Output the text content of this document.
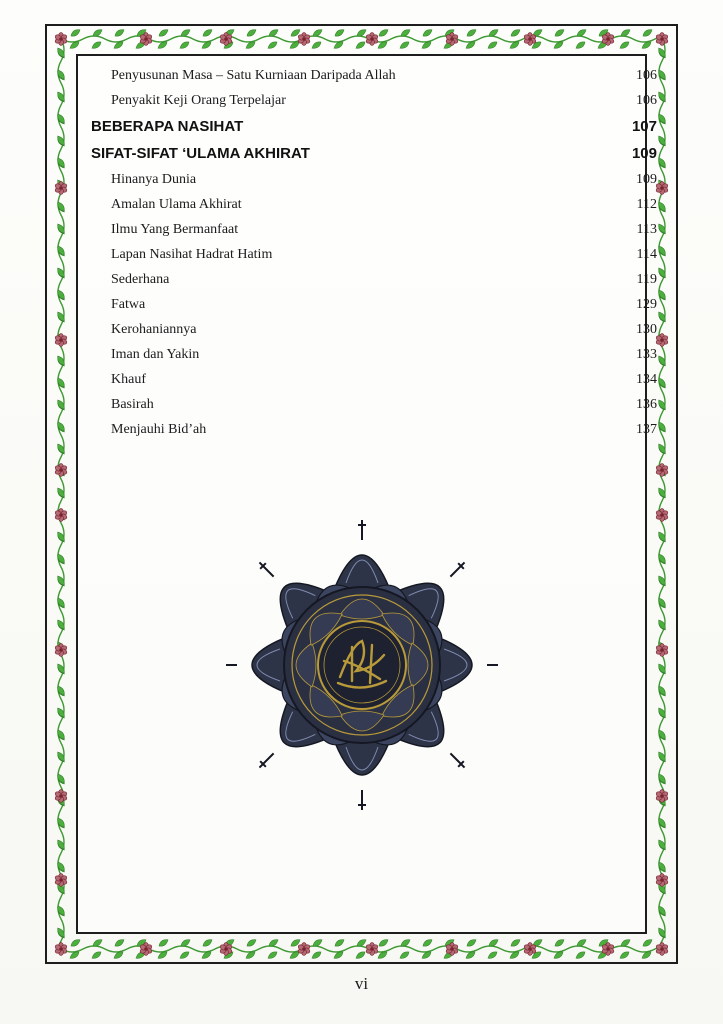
Penyusunan Masa – Satu Kurniaan Daripada Allah	106
Penyakit Keji Orang Terpelajar	106
BEBERAPA NASIHAT	107
SIFAT-SIFAT ‘ULAMA AKHIRAT	109
Hinanya Dunia	109
Amalan Ulama Akhirat	112
Ilmu Yang Bermanfaat	113
Lapan Nasihat Hadrat Hatim	114
Sederhana	119
Fatwa	129
Kerohaniannya	130
Iman dan Yakin	133
Khauf	134
Basirah	136
Menjauhi Bid’ah	137
vi
